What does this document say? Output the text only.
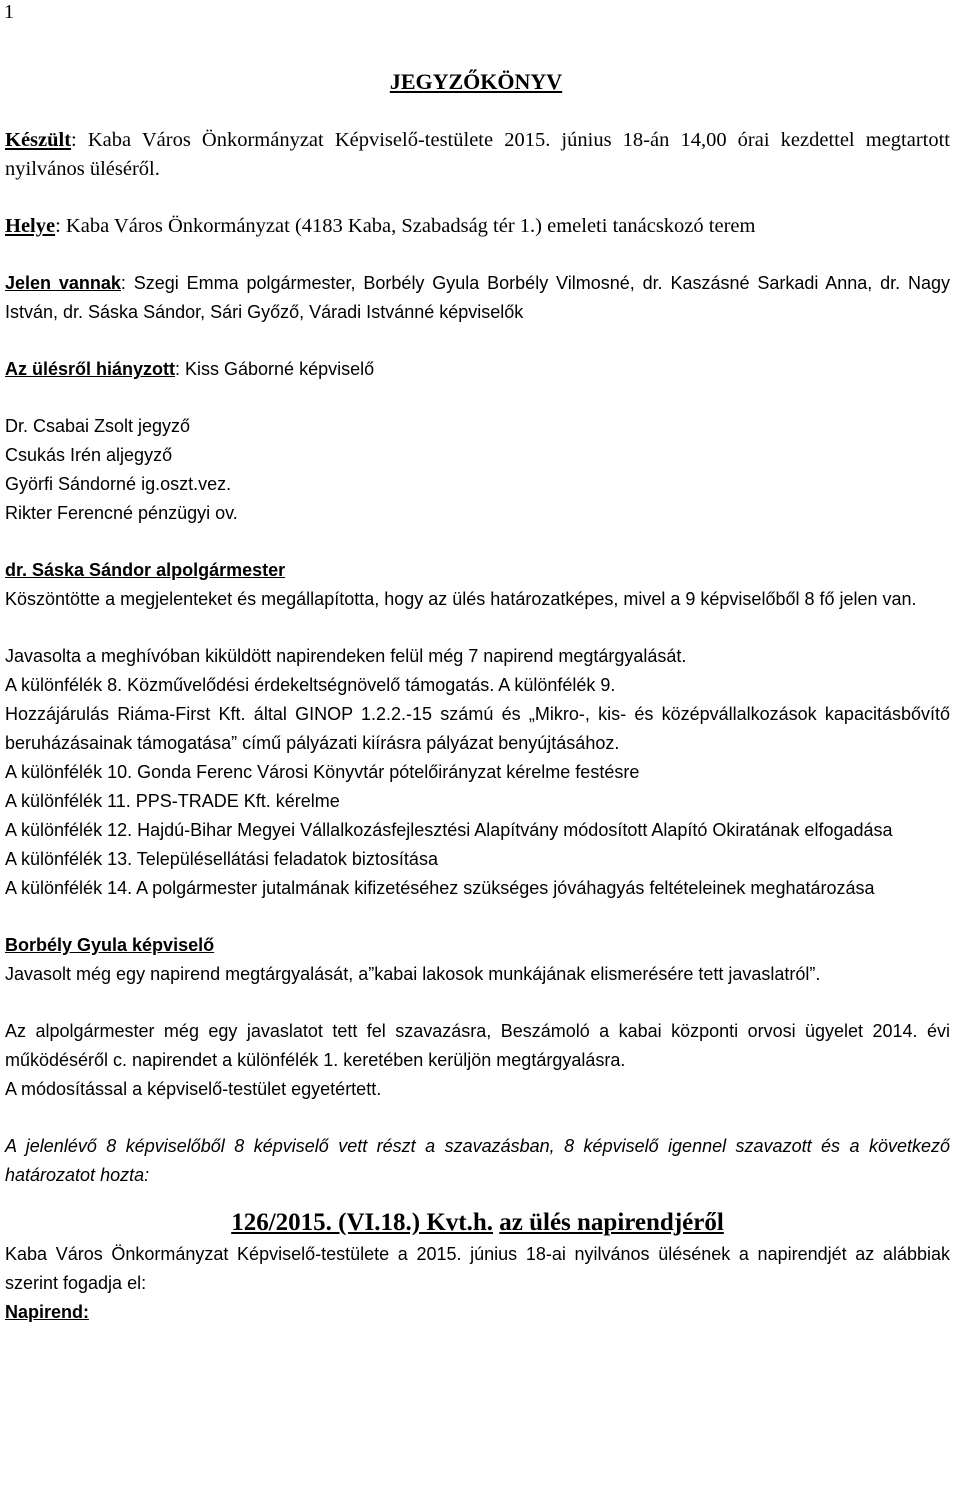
1
JEGYZŐKÖNYV

Készült: Kaba Város Önkormányzat Képviselő-testülete 2015. június 18-án 14,00 órai kezdettel megtartott nyilvános üléséről.

Helye: Kaba Város Önkormányzat (4183 Kaba, Szabadság tér 1.) emeleti tanácskozó terem

Jelen vannak: Szegi Emma polgármester, Borbély Gyula Borbély Vilmosné, dr. Kaszásné Sarkadi Anna, dr. Nagy István, dr. Sáska Sándor, Sári Győző, Váradi Istvánné képviselők

Az ülésről hiányzott: Kiss Gáborné képviselő

Dr. Csabai Zsolt jegyző

Csukás Irén aljegyző

Györfi Sándorné ig.oszt.vez.

Rikter Ferencné pénzügyi ov.

dr. Sáska Sándor alpolgármester

Köszöntötte a megjelenteket és megállapította, hogy az ülés határozatképes, mivel a 9 képviselőből 8 fő jelen van.

Javasolta a meghívóban kiküldött napirendeken felül még 7 napirend megtárgyalását.

A különfélék 8. Közművelődési érdekeltségnövelő támogatás. A különfélék 9.

Hozzájárulás Riáma-First Kft. által GINOP 1.2.2.-15 számú és „Mikro-, kis- és középvállalkozások kapacitásbővítő beruházásainak támogatása” című pályázati kiírásra pályázat benyújtásához.

A különfélék 10. Gonda Ferenc Városi Könyvtár pótelőirányzat kérelme festésre

A különfélék 11. PPS-TRADE Kft. kérelme

A különfélék 12. Hajdú-Bihar Megyei Vállalkozásfejlesztési Alapítvány módosított Alapító Okiratának elfogadása

A különfélék 13. Településellátási feladatok biztosítása

A különfélék 14. A polgármester jutalmának kifizetéséhez szükséges jóváhagyás feltételeinek meghatározása

Borbély Gyula képviselő

Javasolt még egy napirend megtárgyalását, a”kabai lakosok munkájának elismerésére tett javaslatról”.

Az alpolgármester még egy javaslatot tett fel szavazásra, Beszámoló a kabai központi orvosi ügyelet 2014. évi működéséről c. napirendet a különfélék 1. keretében kerüljön megtárgyalásra.

A módosítással a képviselő-testület egyetértett.

A jelenlévő 8 képviselőből 8 képviselő vett részt a szavazásban, 8 képviselő igennel szavazott és a következő határozatot hozta:

126/2015. (VI.18.) Kvt.h. az ülés napirendjéről

Kaba Város Önkormányzat Képviselő-testülete a 2015. június 18-ai nyilvános ülésének a napirendjét az alábbiak szerint fogadja el:

Napirend:
